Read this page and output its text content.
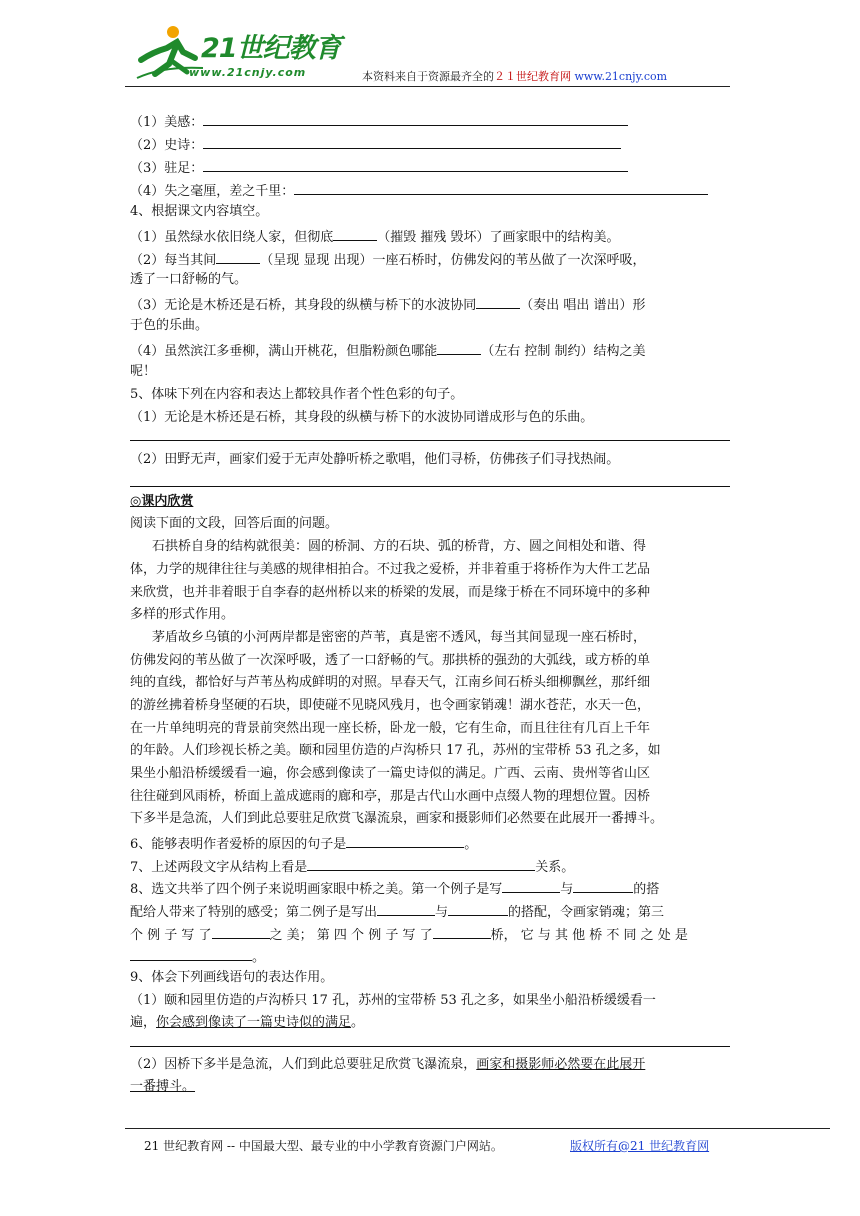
21世纪教育
www.21cnjy.com	本资料来自于资源最齐全的２１世纪教育网 www.21cnjy.com
（1）美感：
（2）史诗：
（3）驻足：
（4）失之毫厘，差之千里：
4、根据课文内容填空。
（1）虽然绿水依旧绕人家，但彻底	（摧毁 摧残 毁坏）了画家眼中的结构美。
（2）每当其间	（呈现 显现 出现）一座石桥时，仿佛发闷的苇丛做了一次深呼吸，
透了一口舒畅的气。
（3）无论是木桥还是石桥，其身段的纵横与桥下的水波协同	（奏出 唱出 谱出）形
于色的乐曲。
（4）虽然滨江多垂柳，满山开桃花，但脂粉颜色哪能	（左右 控制 制约）结构之美
呢！
5、体味下列在内容和表达上都较具作者个性色彩的句子。
（1）无论是木桥还是石桥，其身段的纵横与桥下的水波协同谱成形与色的乐曲。
（2）田野无声，画家们爱于无声处静听桥之歌唱，他们寻桥，仿佛孩子们寻找热闹。
◎课内欣赏
阅读下面的文段，回答后面的问题。
石拱桥自身的结构就很美：圆的桥洞、方的石块、弧的桥背，方、圆之间相处和谐、得
体，力学的规律往往与美感的规律相拍合。不过我之爱桥，并非着重于将桥作为大件工艺品
来欣赏，也并非着眼于自李春的赵州桥以来的桥梁的发展，而是缘于桥在不同环境中的多种
多样的形式作用。
茅盾故乡乌镇的小河两岸都是密密的芦苇，真是密不透风，每当其间显现一座石桥时，
仿佛发闷的苇丛做了一次深呼吸，透了一口舒畅的气。那拱桥的强劲的大弧线，或方桥的单
纯的直线，都恰好与芦苇丛构成鲜明的对照。早春天气，江南乡间石桥头细柳飘丝，那纤细
的游丝拂着桥身坚硬的石块，即使碰不见晓风残月，也令画家销魂！湖水苍茫，水天一色，
在一片单纯明亮的背景前突然出现一座长桥，卧龙一般，它有生命，而且往往有几百上千年
的年龄。人们珍视长桥之美。颐和园里仿造的卢沟桥只 17 孔，苏州的宝带桥 53 孔之多，如
果坐小船沿桥缓缓看一遍，你会感到像读了一篇史诗似的满足。广西、云南、贵州等省山区
往往碰到风雨桥，桥面上盖成遮雨的廊和亭，那是古代山水画中点缀人物的理想位置。因桥
下多半是急流，人们到此总要驻足欣赏飞瀑流泉，画家和摄影师们必然要在此展开一番搏斗。
6、能够表明作者爱桥的原因的句子是	。
7、上述两段文字从结构上看是	关系。
8、选文共举了四个例子来说明画家眼中桥之美。第一个例子是写	与	的搭
配给人带来了特别的感受；第二例子是写出	与	的搭配，令画家销魂；第三
个 例 子 写 了	之 美； 第 四 个 例 子 写 了	桥， 它 与 其 他 桥 不 同 之 处 是
。
9、体会下列画线语句的表达作用。
（1）颐和园里仿造的卢沟桥只 17 孔，苏州的宝带桥 53 孔之多，如果坐小船沿桥缓缓看一
遍，你会感到像读了一篇史诗似的满足。
（2）因桥下多半是急流，人们到此总要驻足欣赏飞瀑流泉，画家和摄影师必然要在此展开
一番搏斗。
21 世纪教育网 -- 中国最大型、最专业的中小学教育资源门户网站。	版权所有@21 世纪教育网
